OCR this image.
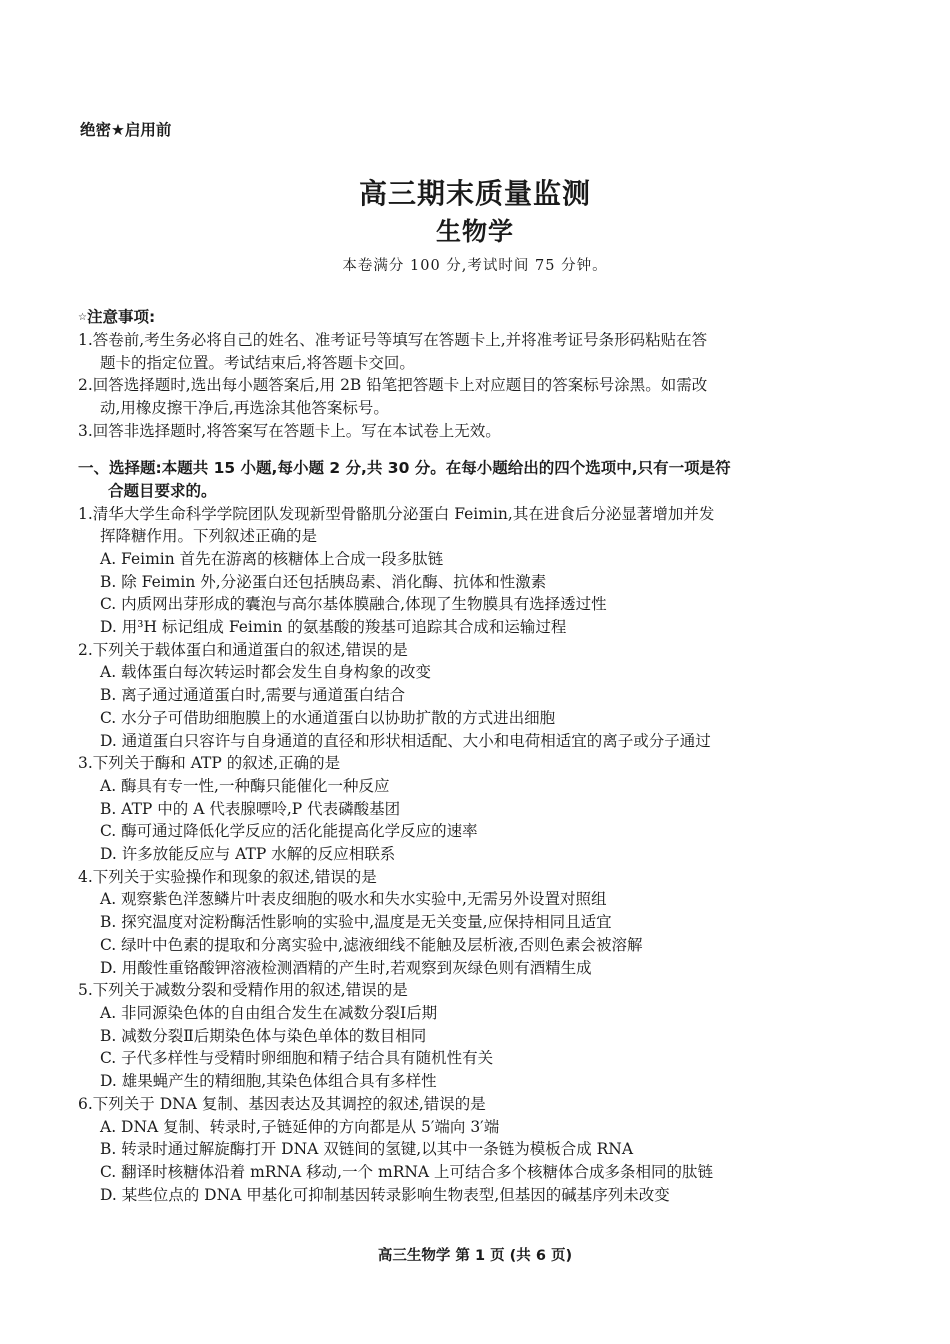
绝密★启用前
高三期末质量监测
生物学
本卷满分 100 分,考试时间 75 分钟。
☆注意事项:
1.答卷前,考生务必将自己的姓名、准考证号等填写在答题卡上,并将准考证号条形码粘贴在答
题卡的指定位置。考试结束后,将答题卡交回。
2.回答选择题时,选出每小题答案后,用 2B 铅笔把答题卡上对应题目的答案标号涂黑。如需改
动,用橡皮擦干净后,再选涂其他答案标号。
3.回答非选择题时,将答案写在答题卡上。写在本试卷上无效。
一、选择题:本题共 15 小题,每小题 2 分,共 30 分。在每小题给出的四个选项中,只有一项是符
合题目要求的。
1.清华大学生命科学学院团队发现新型骨骼肌分泌蛋白 Feimin,其在进食后分泌显著增加并发
挥降糖作用。下列叙述正确的是
A. Feimin 首先在游离的核糖体上合成一段多肽链
B. 除 Feimin 外,分泌蛋白还包括胰岛素、消化酶、抗体和性激素
C. 内质网出芽形成的囊泡与高尔基体膜融合,体现了生物膜具有选择透过性
D. 用³H 标记组成 Feimin 的氨基酸的羧基可追踪其合成和运输过程
2.下列关于载体蛋白和通道蛋白的叙述,错误的是
A. 载体蛋白每次转运时都会发生自身构象的改变
B. 离子通过通道蛋白时,需要与通道蛋白结合
C. 水分子可借助细胞膜上的水通道蛋白以协助扩散的方式进出细胞
D. 通道蛋白只容许与自身通道的直径和形状相适配、大小和电荷相适宜的离子或分子通过
3.下列关于酶和 ATP 的叙述,正确的是
A. 酶具有专一性,一种酶只能催化一种反应
B. ATP 中的 A 代表腺嘌呤,P 代表磷酸基团
C. 酶可通过降低化学反应的活化能提高化学反应的速率
D. 许多放能反应与 ATP 水解的反应相联系
4.下列关于实验操作和现象的叙述,错误的是
A. 观察紫色洋葱鳞片叶表皮细胞的吸水和失水实验中,无需另外设置对照组
B. 探究温度对淀粉酶活性影响的实验中,温度是无关变量,应保持相同且适宜
C. 绿叶中色素的提取和分离实验中,滤液细线不能触及层析液,否则色素会被溶解
D. 用酸性重铬酸钾溶液检测酒精的产生时,若观察到灰绿色则有酒精生成
5.下列关于减数分裂和受精作用的叙述,错误的是
A. 非同源染色体的自由组合发生在减数分裂Ⅰ后期
B. 减数分裂Ⅱ后期染色体与染色单体的数目相同
C. 子代多样性与受精时卵细胞和精子结合具有随机性有关
D. 雄果蝇产生的精细胞,其染色体组合具有多样性
6.下列关于 DNA 复制、基因表达及其调控的叙述,错误的是
A. DNA 复制、转录时,子链延伸的方向都是从 5′端向 3′端
B. 转录时通过解旋酶打开 DNA 双链间的氢键,以其中一条链为模板合成 RNA
C. 翻译时核糖体沿着 mRNA 移动,一个 mRNA 上可结合多个核糖体合成多条相同的肽链
D. 某些位点的 DNA 甲基化可抑制基因转录影响生物表型,但基因的碱基序列未改变
高三生物学 第 1 页 (共 6 页)
